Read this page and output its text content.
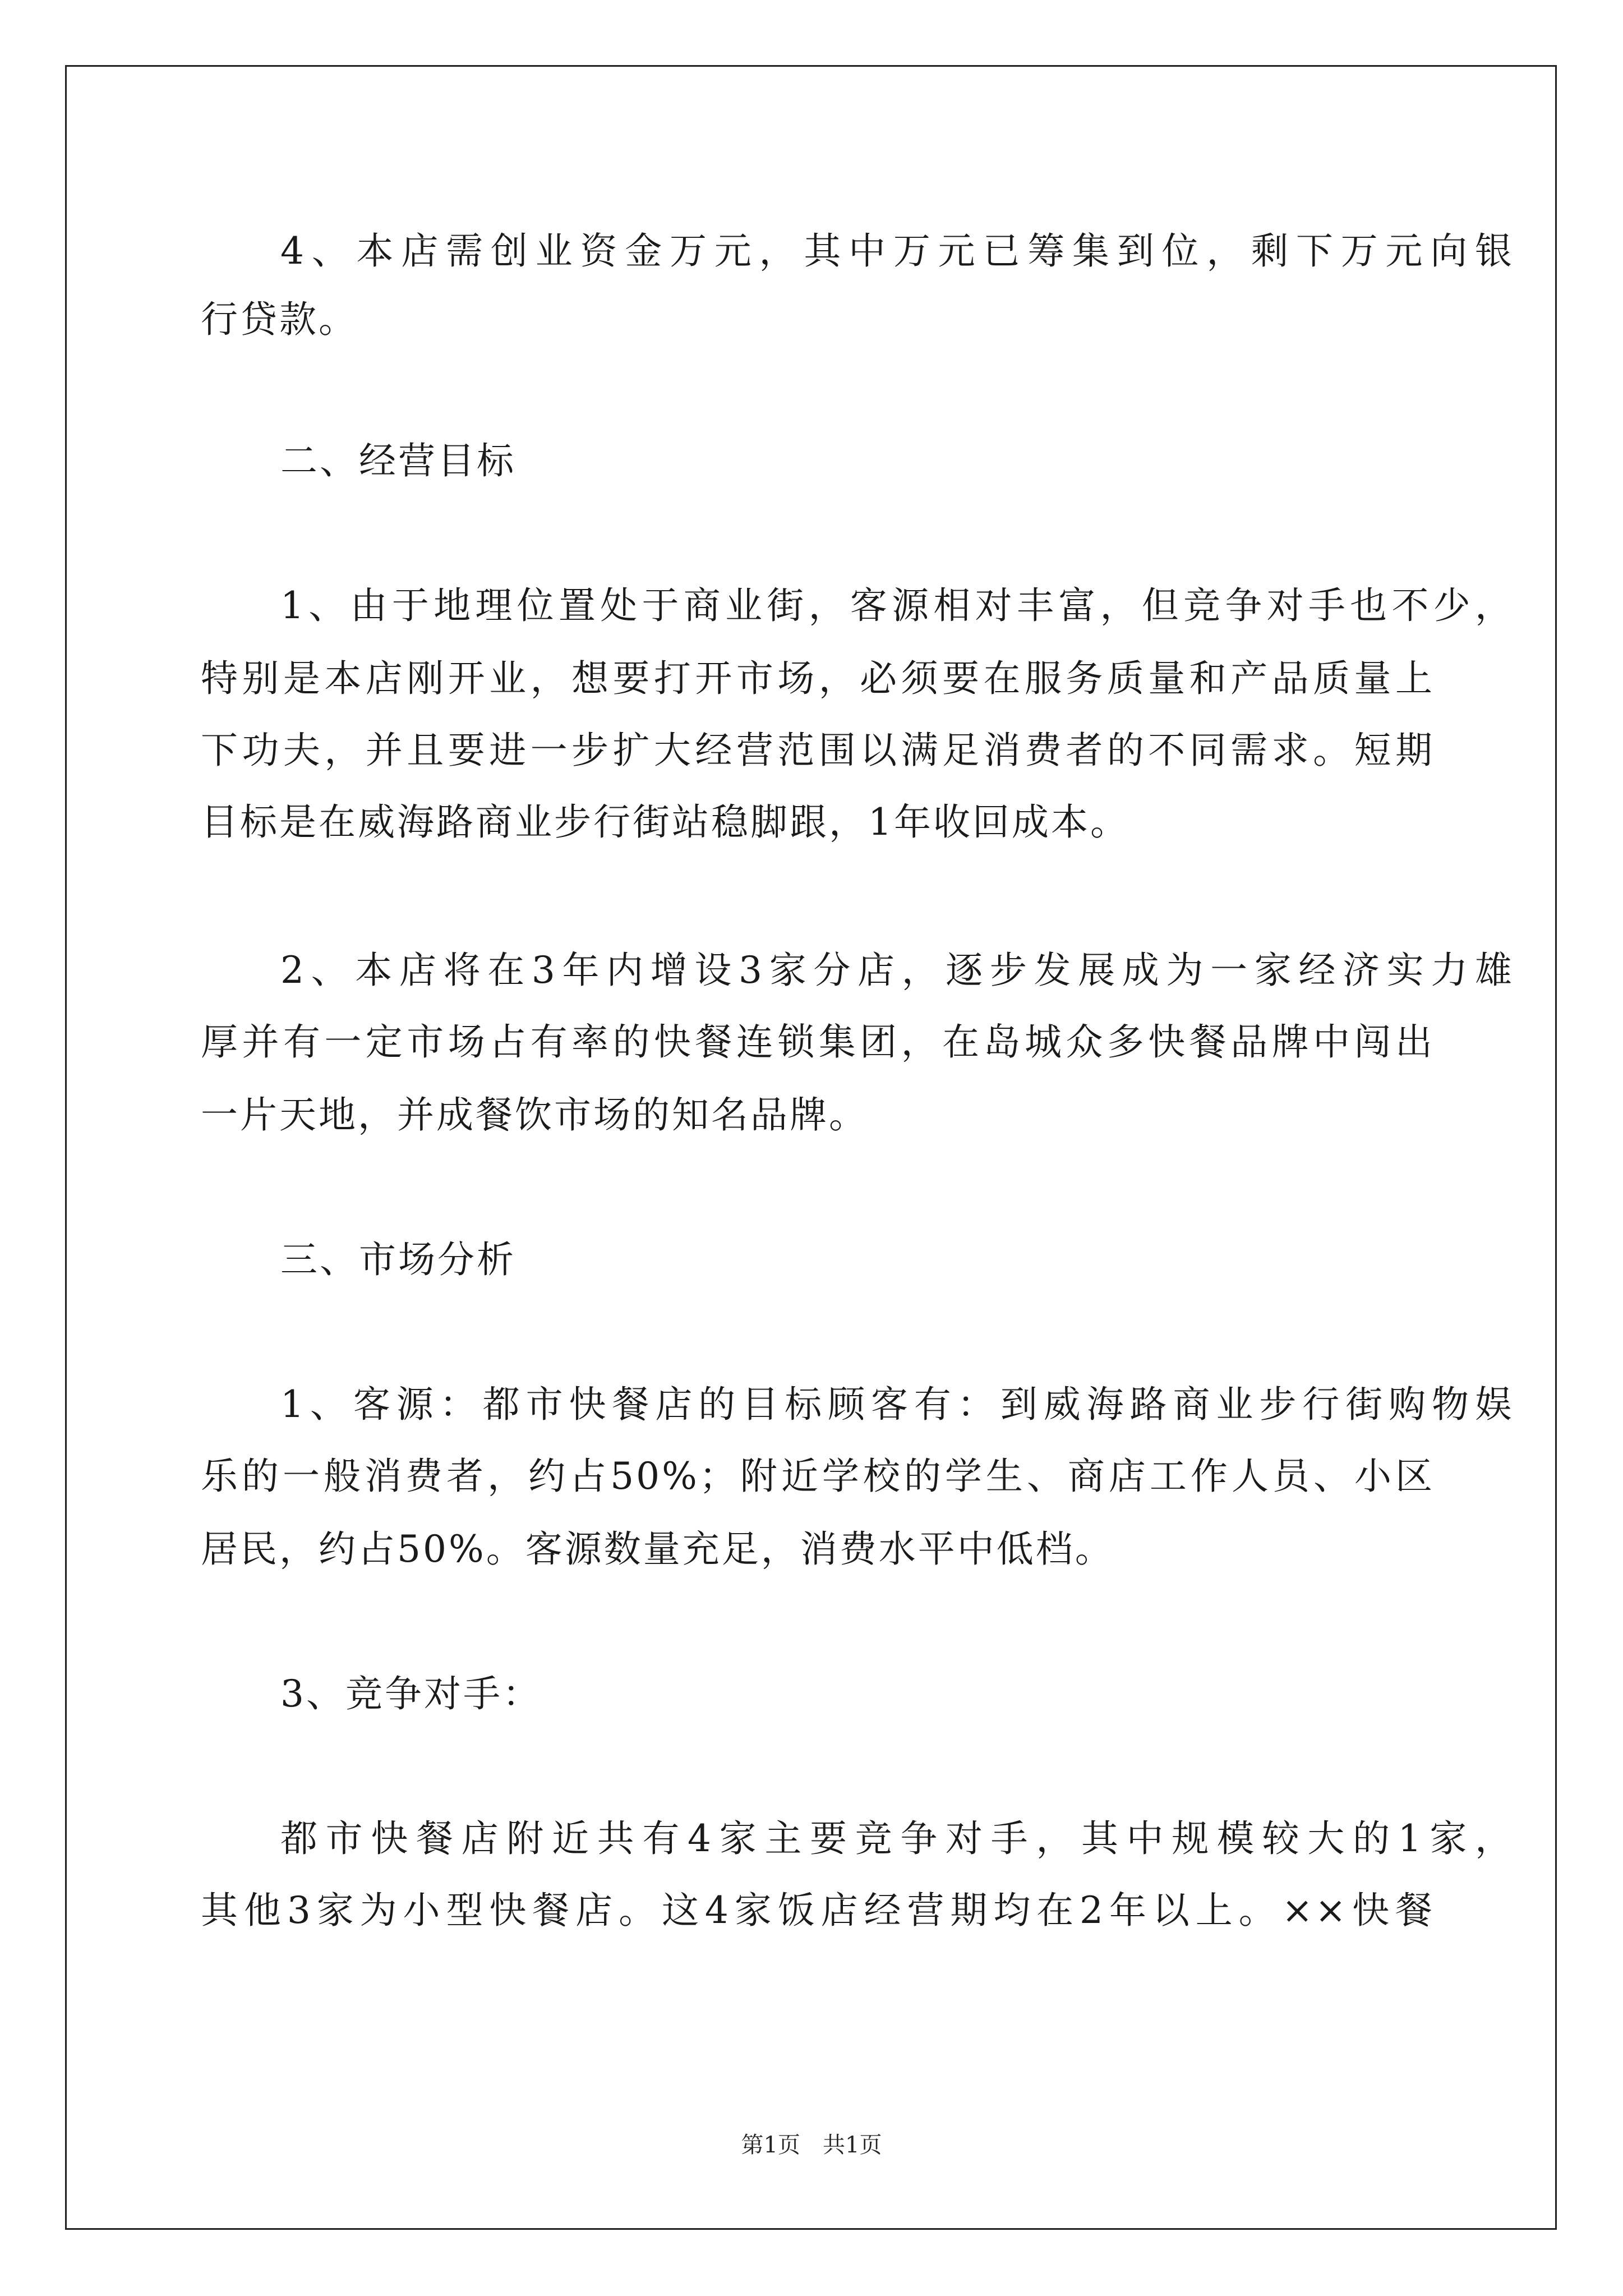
4、本店需创业资金万元，其中万元已筹集到位，剩下万元向银
行贷款。
二、经营目标
1、由于地理位置处于商业街，客源相对丰富，但竞争对手也不少，
特别是本店刚开业，想要打开市场，必须要在服务质量和产品质量上
下功夫，并且要进一步扩大经营范围以满足消费者的不同需求。短期
目标是在威海路商业步行街站稳脚跟，1年收回成本。
2、本店将在3年内增设3家分店，逐步发展成为一家经济实力雄
厚并有一定市场占有率的快餐连锁集团，在岛城众多快餐品牌中闯出
一片天地，并成餐饮市场的知名品牌。
三、市场分析
1、客源：都市快餐店的目标顾客有：到威海路商业步行街购物娱
乐的一般消费者，约占50%；附近学校的学生、商店工作人员、小区
居民，约占50%。客源数量充足，消费水平中低档。
3、竞争对手：
都市快餐店附近共有4家主要竞争对手，其中规模较大的1家，
其他3家为小型快餐店。这4家饭店经营期均在2年以上。××快餐
第1页　共1页
